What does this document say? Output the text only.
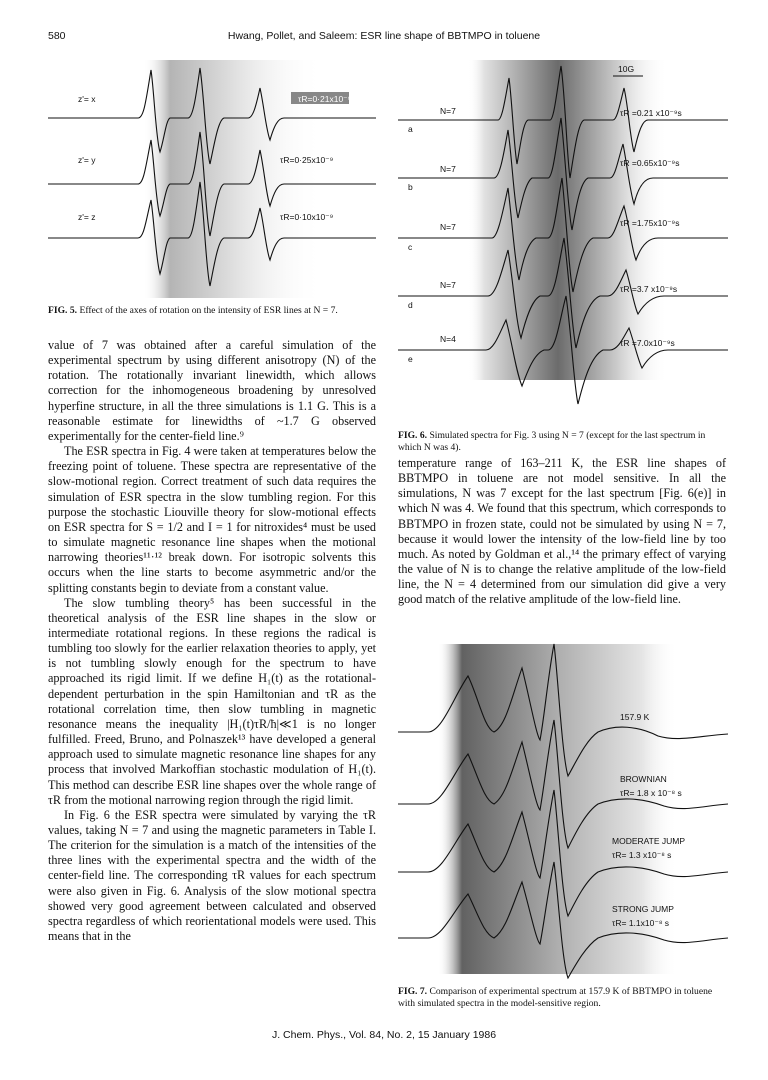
580	Hwang, Pollet, and Saleem: ESR line shape of BBTMPO in toluene
z'= x
z'= y
z'= z
τR=0·21x10⁻⁹
τR=0·25x10⁻⁹
τR=0·10x10⁻⁹
FIG. 5. Effect of the axes of rotation on the intensity of ESR lines at N = 7.
10G
a
b
c
d
e
N=7
N=7
N=7
N=7
N=4
τR =0.21 x10⁻⁹s
τR =0.65x10⁻⁹s
τR =1.75x10⁻⁹s
τR =3.7 x10⁻⁹s
τR =7.0x10⁻⁹s
FIG. 6. Simulated spectra for Fig. 3 using N = 7 (except for the last spectrum in which N was 4).

temperature range of 163–211 K, the ESR line shapes of BBTMPO in toluene are not model sensitive. In all the simulations, N was 7 except for the last spectrum [Fig. 6(e)] in which N was 4. We found that this spectrum, which corresponds to BBTMPO in frozen state, could not be simulated by using N = 7, because it would lower the intensity of the low-field line by too much. As noted by Goldman et al.,¹⁴ the primary effect of varying the value of N is to change the relative amplitude of the low-field line, the N = 4 determined from our simulation did give a very good match of the relative amplitude of the low-field line.

157.9 K
BROWNIAN
τR= 1.8 x 10⁻⁸ s
MODERATE JUMP
τR= 1.3 x10⁻⁸ s
STRONG JUMP
τR= 1.1x10⁻⁸ s
FIG. 7. Comparison of experimental spectrum at 157.9 K of BBTMPO in toluene with simulated spectra in the model-sensitive region.

value of 7 was obtained after a careful simulation of the experimental spectrum by using different anisotropy (N) of the rotation. The rotationally invariant linewidth, which allows correction for the inhomogeneous broadening by unresolved hyperfine structure, in all the three simulations is 1.1 G. This is a reasonable estimate for linewidths of ~1.7 G observed experimentally for the center-field line.⁹

The ESR spectra in Fig. 4 were taken at temperatures below the freezing point of toluene. These spectra are representative of the slow-motional region. Correct treatment of such data requires the simulation of ESR spectra in the slow tumbling region. For this purpose the stochastic Liouville theory for slow-motional effects on ESR spectra for S = 1/2 and I = 1 for nitroxides⁴ must be used to simulate magnetic resonance line shapes when the motional narrowing theories¹¹·¹² break down. For isotropic solvents this occurs when the line starts to become asymmetric and/or the splitting constants begin to deviate from a constant value.

The slow tumbling theory⁵ has been successful in the theoretical analysis of the ESR line shapes in the slow or intermediate rotational regions. In these regions the radical is tumbling too slowly for the earlier relaxation theories to apply, yet is not tumbling slowly enough for the spectrum to have approached its rigid limit. If we define H₁(t) as the rotational-dependent perturbation in the spin Hamiltonian and τR as the rotational correlation time, then slow tumbling in magnetic resonance means the inequality |H₁(t)τR/ħ|≪1 is no longer fulfilled. Freed, Bruno, and Polnaszek¹³ have developed a general approach used to simulate magnetic resonance line shapes for any process that involved Markoffian stochastic modulation of H₁(t). This method can describe ESR line shapes over the whole range of τR from the motional narrowing region through the rigid limit.

In Fig. 6 the ESR spectra were simulated by varying the τR values, taking N = 7 and using the magnetic parameters in Table I. The criterion for the simulation is a match of the intensities of the three lines with the experimental spectra and the width of the center-field line. The corresponding τR values for each spectrum were also given in Fig. 6. Analysis of the slow motional spectra showed very good agreement between calculated and observed spectra regardless of which reorientational models were used. This means that in the

J. Chem. Phys., Vol. 84, No. 2, 15 January 1986
